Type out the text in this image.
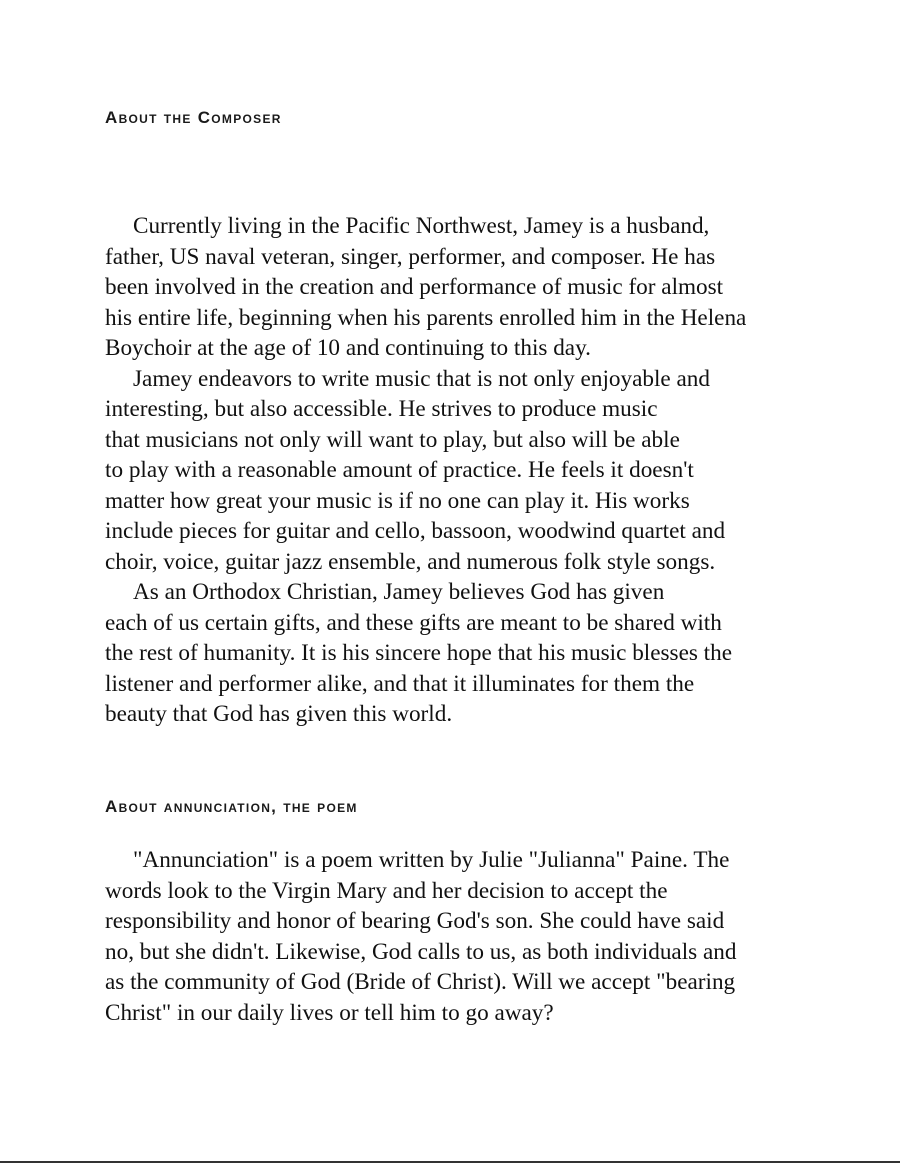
About the Composer

Currently living in the Pacific Northwest, Jamey is a husband,

father, US naval veteran, singer, performer, and composer. He has

been involved in the creation and performance of music for almost

his entire life, beginning when his parents enrolled him in the Helena

Boychoir at the age of 10 and continuing to this day.

Jamey endeavors to write music that is not only enjoyable and

interesting, but also accessible. He strives to produce music

that musicians not only will want to play, but also will be able

to play with a reasonable amount of practice. He feels it doesn't

matter how great your music is if no one can play it. His works

include pieces for guitar and cello, bassoon, woodwind quartet and

choir, voice, guitar jazz ensemble, and numerous folk style songs.

As an Orthodox Christian, Jamey believes God has given

each of us certain gifts, and these gifts are meant to be shared with

the rest of humanity. It is his sincere hope that his music blesses the

listener and performer alike, and that it illuminates for them the

beauty that God has given this world.

About annunciation, the poem

"Annunciation" is a poem written by Julie "Julianna" Paine. The

words look to the Virgin Mary and her decision to accept the

responsibility and honor of bearing God's son. She could have said

no, but she didn't. Likewise, God calls to us, as both individuals and

as the community of God (Bride of Christ). Will we accept "bearing

Christ" in our daily lives or tell him to go away?
